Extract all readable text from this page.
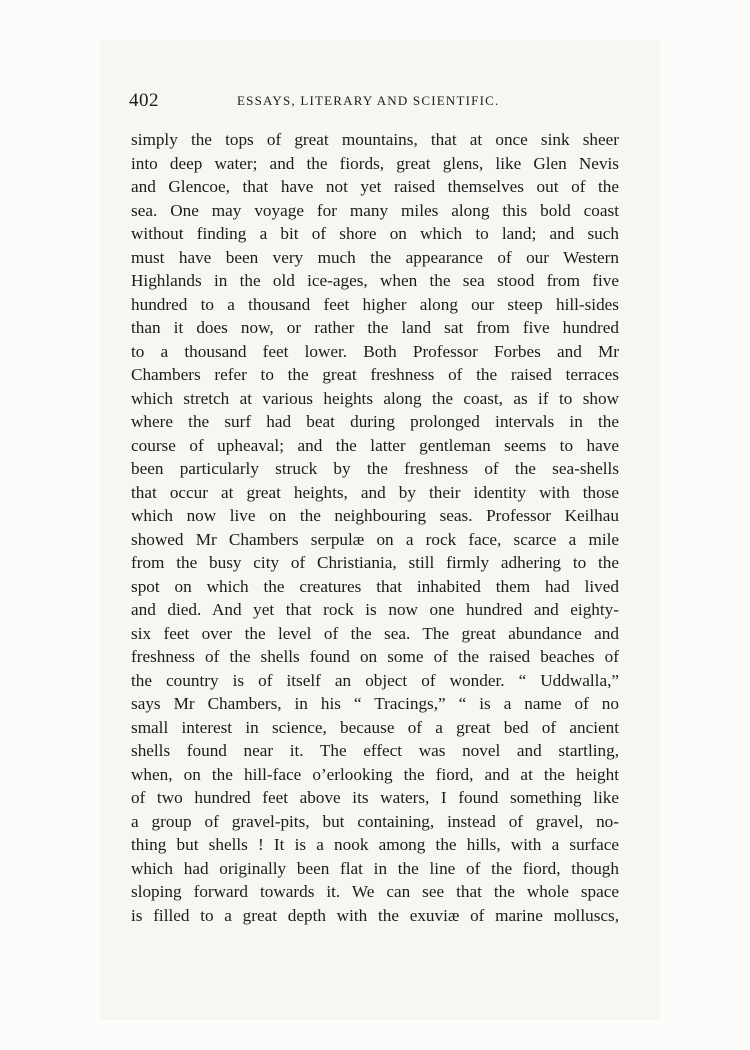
402	ESSAYS, LITERARY AND SCIENTIFIC.
simply the tops of great mountains, that at once sink sheer
into deep water; and the fiords, great glens, like Glen Nevis
and Glencoe, that have not yet raised themselves out of the
sea. One may voyage for many miles along this bold coast
without finding a bit of shore on which to land; and such
must have been very much the appearance of our Western
Highlands in the old ice-ages, when the sea stood from five
hundred to a thousand feet higher along our steep hill-sides
than it does now, or rather the land sat from five hundred
to a thousand feet lower. Both Professor Forbes and Mr
Chambers refer to the great freshness of the raised terraces
which stretch at various heights along the coast, as if to show
where the surf had beat during prolonged intervals in the
course of upheaval; and the latter gentleman seems to have
been particularly struck by the freshness of the sea-shells
that occur at great heights, and by their identity with those
which now live on the neighbouring seas. Professor Keilhau
showed Mr Chambers serpulæ on a rock face, scarce a mile
from the busy city of Christiania, still firmly adhering to the
spot on which the creatures that inhabited them had lived
and died. And yet that rock is now one hundred and eighty-
six feet over the level of the sea. The great abundance and
freshness of the shells found on some of the raised beaches of
the country is of itself an object of wonder. “ Uddwalla,”
says Mr Chambers, in his “ Tracings,” “ is a name of no
small interest in science, because of a great bed of ancient
shells found near it. The effect was novel and startling,
when, on the hill-face o’erlooking the fiord, and at the height
of two hundred feet above its waters, I found something like
a group of gravel-pits, but containing, instead of gravel, no-
thing but shells ! It is a nook among the hills, with a surface
which had originally been flat in the line of the fiord, though
sloping forward towards it. We can see that the whole space
is filled to a great depth with the exuviæ of marine molluscs,
